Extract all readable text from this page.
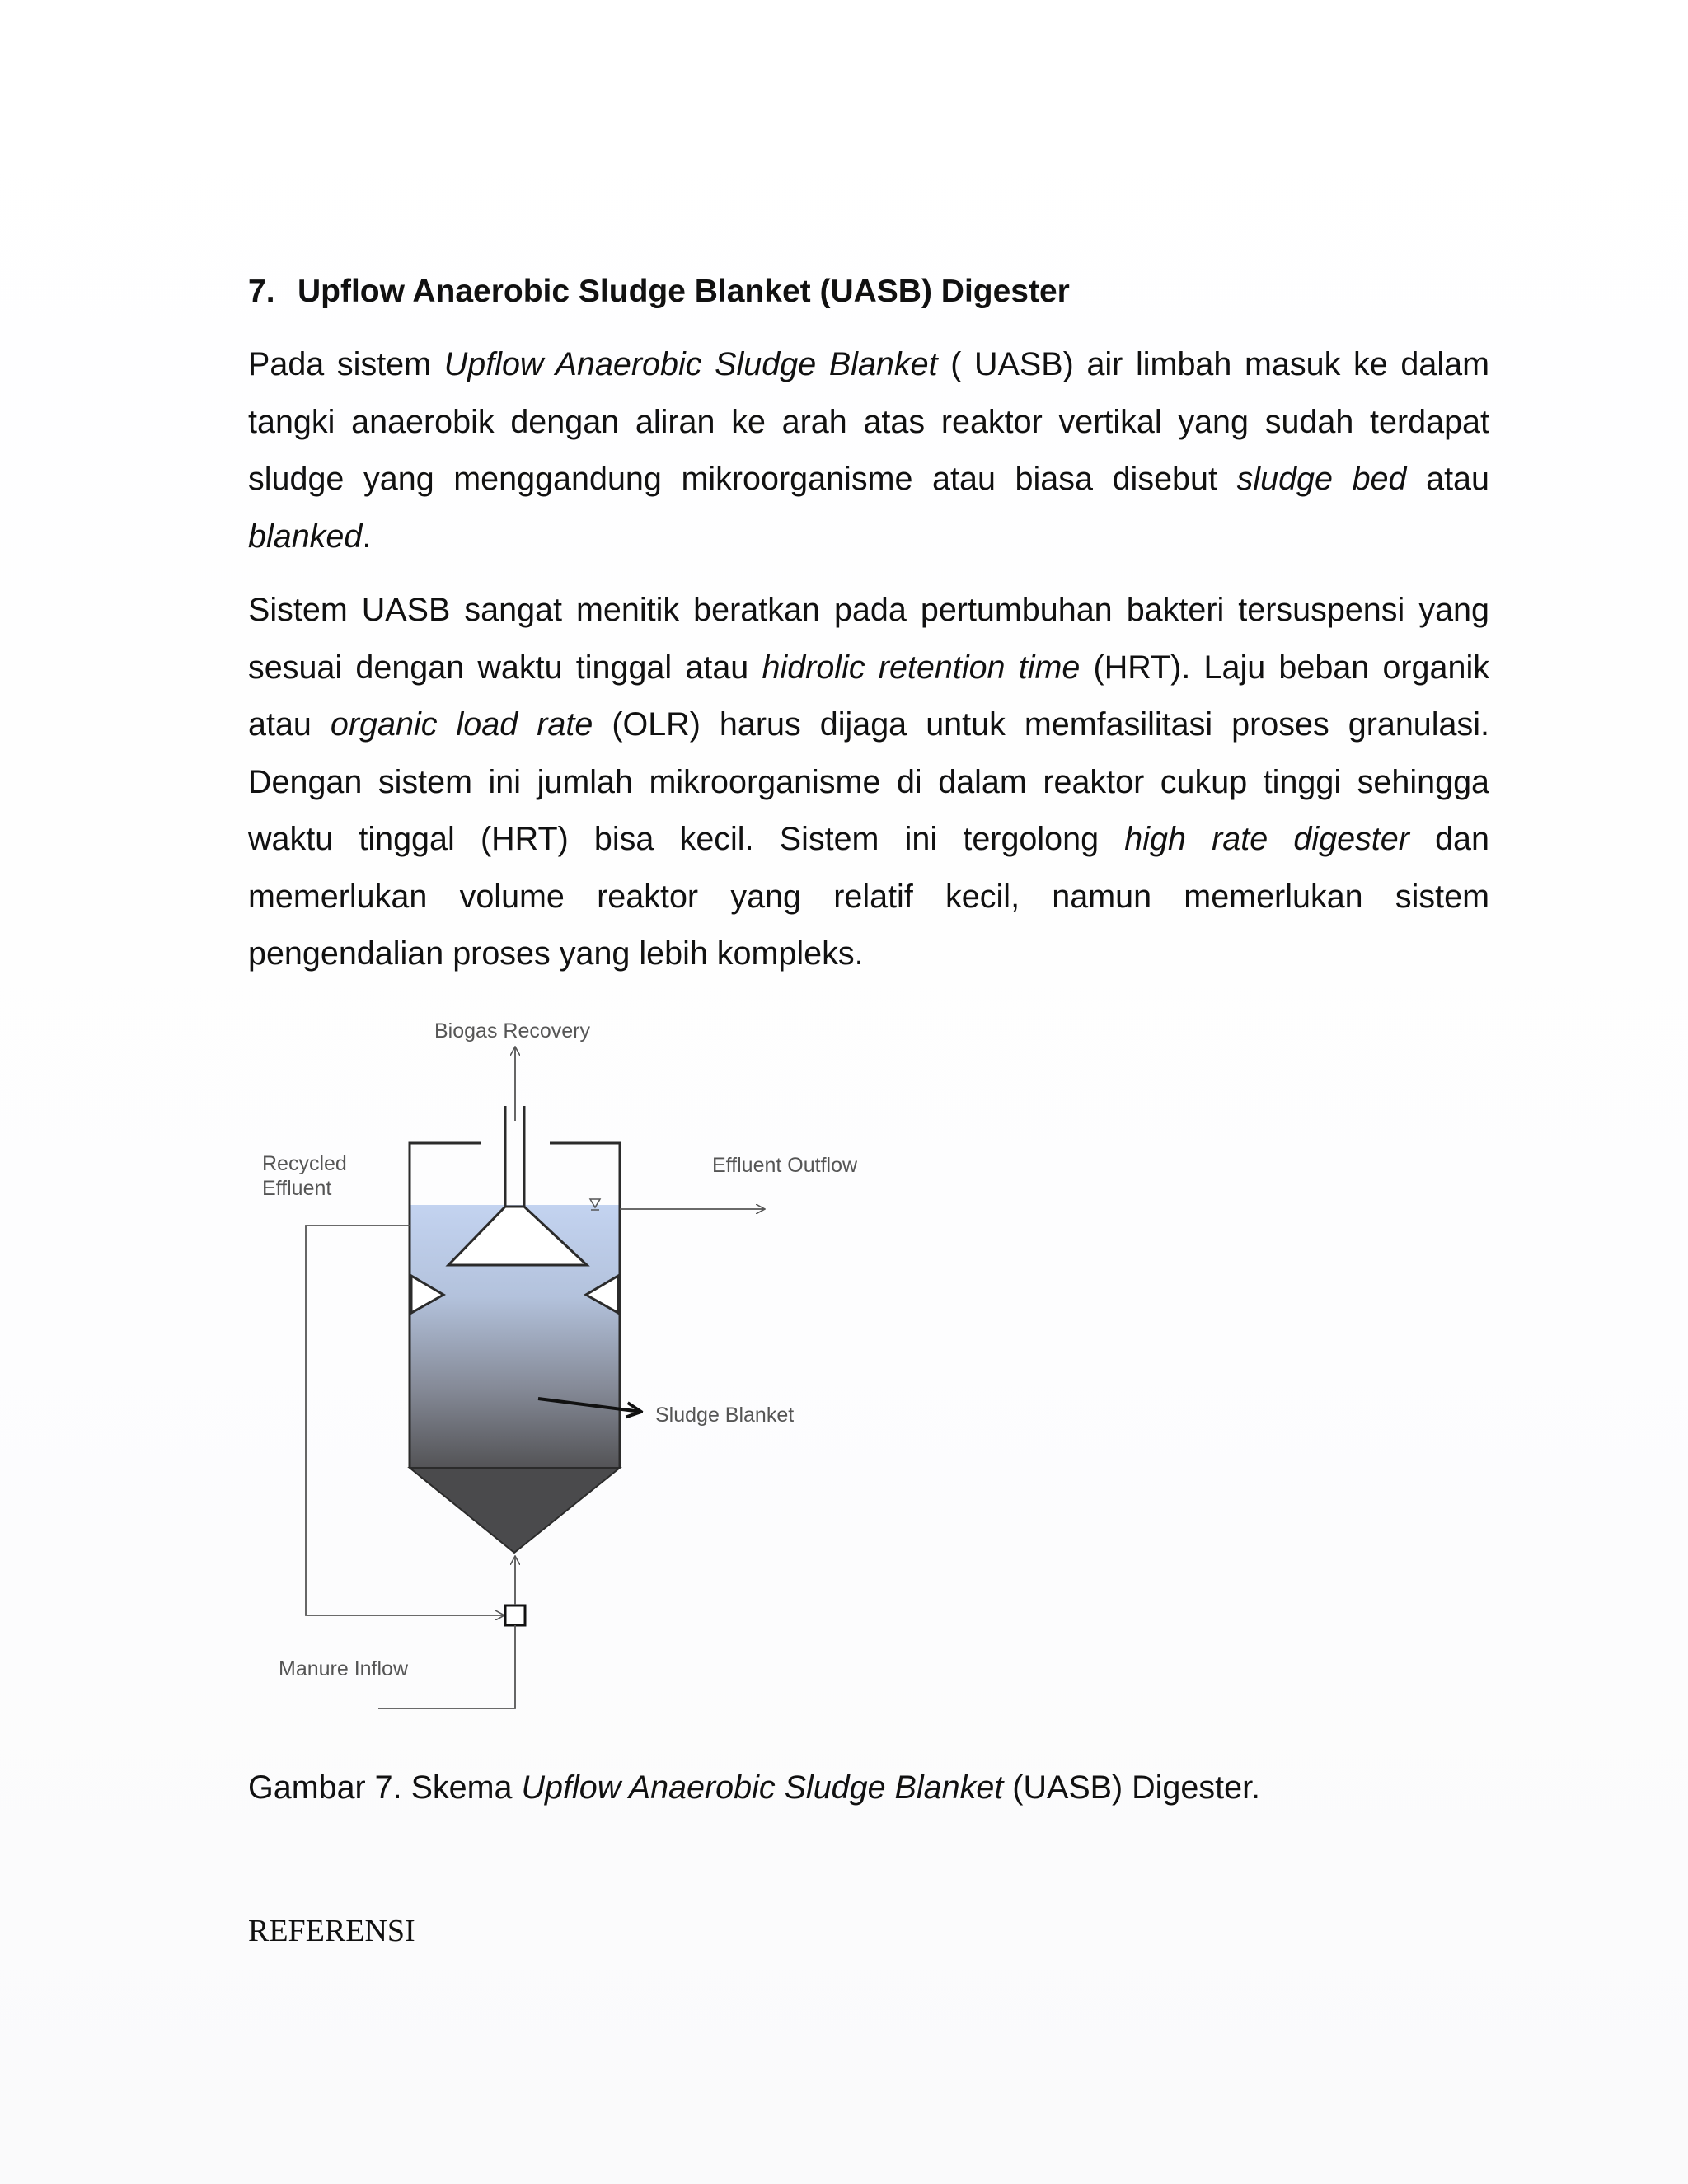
7. Upflow Anaerobic Sludge Blanket (UASB) Digester

Pada sistem Upflow Anaerobic Sludge Blanket ( UASB) air limbah masuk ke dalam tangki anaerobik dengan aliran ke arah atas reaktor vertikal yang sudah terdapat sludge yang menggandung mikroorganisme atau biasa disebut sludge bed atau blanked.

Sistem UASB sangat menitik beratkan pada pertumbuhan bakteri tersuspensi yang sesuai dengan waktu tinggal atau hidrolic retention time (HRT). Laju beban organik atau organic load rate (OLR) harus dijaga untuk memfasilitasi proses granulasi. Dengan sistem ini jumlah mikroorganisme di dalam reaktor cukup tinggi sehingga waktu tinggal (HRT) bisa kecil. Sistem ini tergolong high rate digester dan memerlukan volume reaktor yang relatif kecil, namun memerlukan sistem pengendalian proses yang lebih kompleks.

Biogas Recovery
Recycled
Effluent
Effluent Outflow
Sludge Blanket
Manure Inflow
Gambar 7. Skema Upflow Anaerobic Sludge Blanket (UASB) Digester.
REFERENSI
